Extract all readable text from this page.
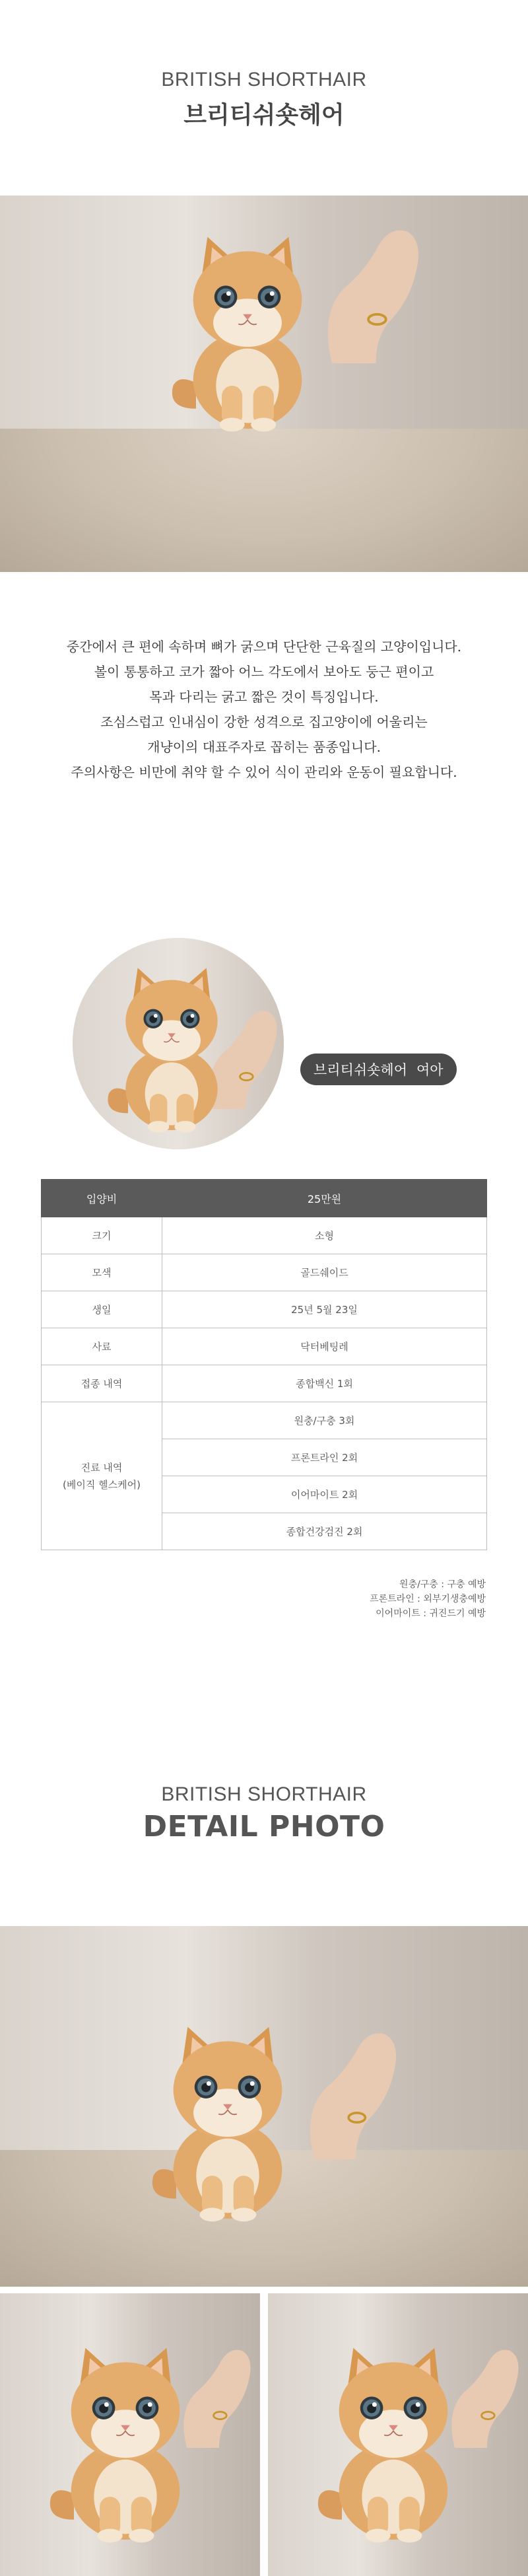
BRITISH SHORTHAIR
브리티쉬숏헤어

중간에서 큰 편에 속하며 뼈가 굵으며 단단한 근육질의 고양이입니다.

볼이 통통하고 코가 짧아 어느 각도에서 보아도 둥근 편이고

목과 다리는 굵고 짧은 것이 특징입니다.

조심스럽고 인내심이 강한 성격으로 집고양이에 어울리는

개냥이의 대표주자로 꼽히는 품종입니다.

주의사항은 비만에 취약 할 수 있어 식이 관리와 운동이 필요합니다.

브리티쉬숏헤어 여아
입양비	25만원
크기	소형
모색	골드쉐이드
생일	25년 5월 23일
사료	닥터베팅레
접종 내역	종합백신 1회
진료 내역
(베이직 헬스케어)	원충/구충 3회
	프론트라인 2회
	이어마이트 2회
	종합건강검진 2회

원충/구충 : 구충 예방

프론트라인 : 외부기생충예방

이어마이트 : 귀진드기 예방

BRITISH SHORTHAIR
DETAIL PHOTO
